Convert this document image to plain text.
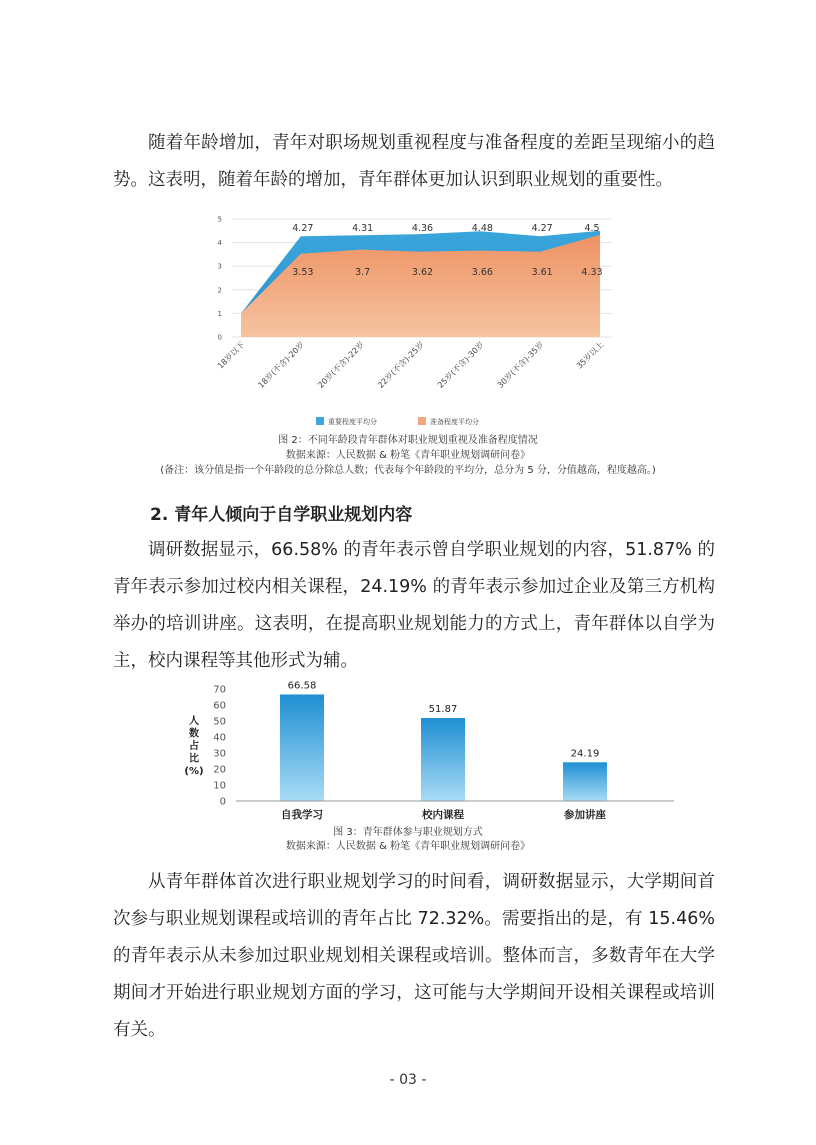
随着年龄增加，青年对职场规划重视程度与准备程度的差距呈现缩小的趋势。这表明，随着年龄的增加，青年群体更加认识到职业规划的重要性。

0
1
2
3
4
5
4.27	4.31	4.36	4.48	4.27	4.5
3.53	3.7	3.62	3.66	3.61	4.33
18岁以下 18岁(不含)-20岁 20岁(不含)-22岁 22岁(不含)-25岁 25岁(不含)-30岁 30岁(不含)-35岁	35岁以上
重要程度平均分	准备程度平均分
图 2：不同年龄段青年群体对职业规划重视及准备程度情况
数据来源：人民数据 & 粉笔《青年职业规划调研问卷》
(备注：该分值是指一个年龄段的总分除总人数；代表每个年龄段的平均分，总分为 5 分，分值越高，程度越高。)

2. 青年人倾向于自学职业规划内容

调研数据显示，66.58% 的青年表示曾自学职业规划的内容，51.87% 的青年表示参加过校内相关课程，24.19% 的青年表示参加过企业及第三方机构举办的培训讲座。这表明，在提高职业规划能力的方式上，青年群体以自学为主，校内课程等其他形式为辅。

0
10
20
30
40
50
60
70
人
数
占
比
(%)
66.58
自我学习
51.87
校内课程
24.19
参加讲座
图 3：青年群体参与职业规划方式
数据来源：人民数据 & 粉笔《青年职业规划调研问卷》

从青年群体首次进行职业规划学习的时间看，调研数据显示，大学期间首次参与职业规划课程或培训的青年占比 72.32%。需要指出的是，有 15.46% 的青年表示从未参加过职业规划相关课程或培训。整体而言，多数青年在大学期间才开始进行职业规划方面的学习，这可能与大学期间开设相关课程或培训有关。

- 03 -
